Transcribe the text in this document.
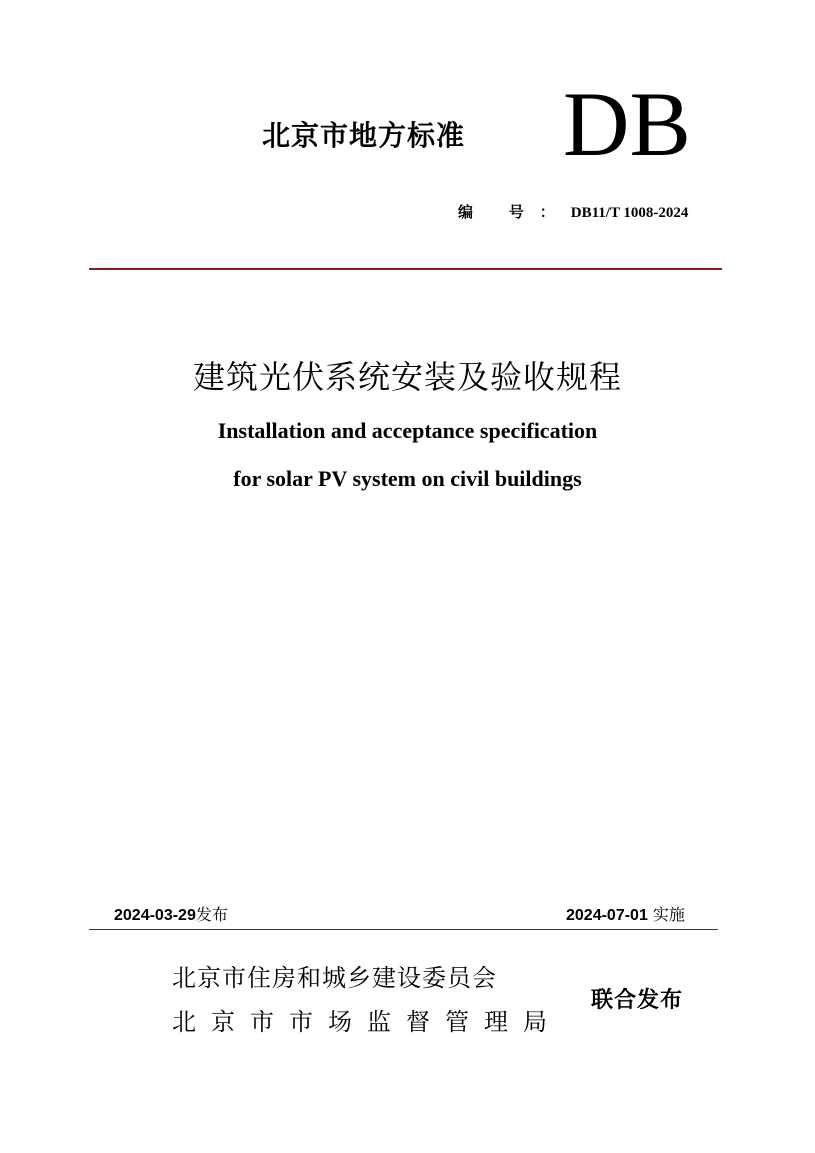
北京市地方标准 DB
编 号：DB11/T 1008-2024
建筑光伏系统安装及验收规程
Installation and acceptance specification
for solar PV system on civil buildings
2024-03-29发布	2024-07-01 实施
北京市住房和城乡建设委员会
北京市市场监督管理局
联合发布
